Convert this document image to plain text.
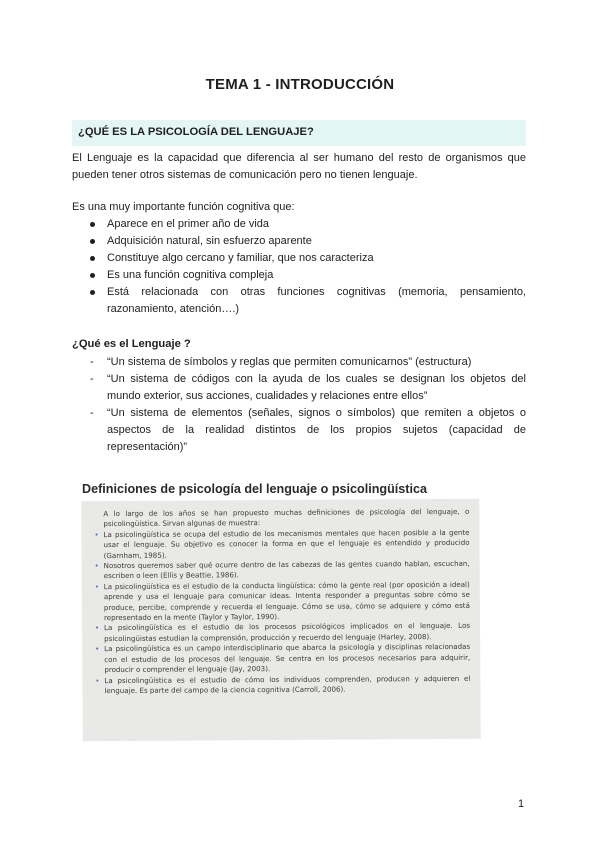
TEMA 1 - INTRODUCCIÓN
¿QUÉ ES LA PSICOLOGÍA DEL LENGUAJE?
El Lenguaje es la capacidad que diferencia al ser humano del resto de organismos que pueden tener otros sistemas de comunicación pero no tienen lenguaje.
Es una muy importante función cognitiva que:
Aparece en el primer año de vida
Adquisición natural, sin esfuerzo aparente
Constituye algo cercano y familiar, que nos caracteriza
Es una función cognitiva compleja
Está relacionada con otras funciones cognitivas (memoria, pensamiento, razonamiento, atención….)
¿Qué es el Lenguaje ?
- “Un sistema de símbolos y reglas que permiten comunicarnos” (estructura)
- “Un sistema de códigos con la ayuda de los cuales se designan los objetos del mundo exterior, sus acciones, cualidades y relaciones entre ellos”
- “Un sistema de elementos (señales, signos o símbolos) que remiten a objetos o aspectos de la realidad distintos de los propios sujetos (capacidad de representación)”
Definiciones de psicología del lenguaje o psicolingüística
A lo largo de los años se han propuesto muchas definiciones de psicología del lenguaje, o psicolingüística. Sirvan algunas de muestra:
• La psicolingüística se ocupa del estudio de los mecanismos mentales que hacen posible a la gente usar el lenguaje. Su objetivo es conocer la forma en que el lenguaje es entendido y producido (Garnham, 1985).
• Nosotros queremos saber qué ocurre dentro de las cabezas de las gentes cuando hablan, escuchan, escriben o leen (Ellis y Beattie, 1986).
• La psicolingüística es el estudio de la conducta lingüística: cómo la gente real (por oposición a ideal) aprende y usa el lenguaje para comunicar ideas. Intenta responder a preguntas sobre cómo se produce, percibe, comprende y recuerda el lenguaje. Cómo se usa, cómo se adquiere y cómo está representado en la mente (Taylor y Taylor, 1990).
• La psicolingüística es el estudio de los procesos psicológicos implicados en el lenguaje. Los psicolingüistas estudian la comprensión, producción y recuerdo del lenguaje (Harley, 2008).
• La psicolingüística es un campo interdisciplinario que abarca la psicología y disciplinas relacionadas con el estudio de los procesos del lenguaje. Se centra en los procesos necesarios para adquirir, producir o comprender el lenguaje (Jay, 2003).
• La psicolingüística es el estudio de cómo los individuos comprenden, producen y adquieren el lenguaje. Es parte del campo de la ciencia cognitiva (Carroll, 2006).
1
